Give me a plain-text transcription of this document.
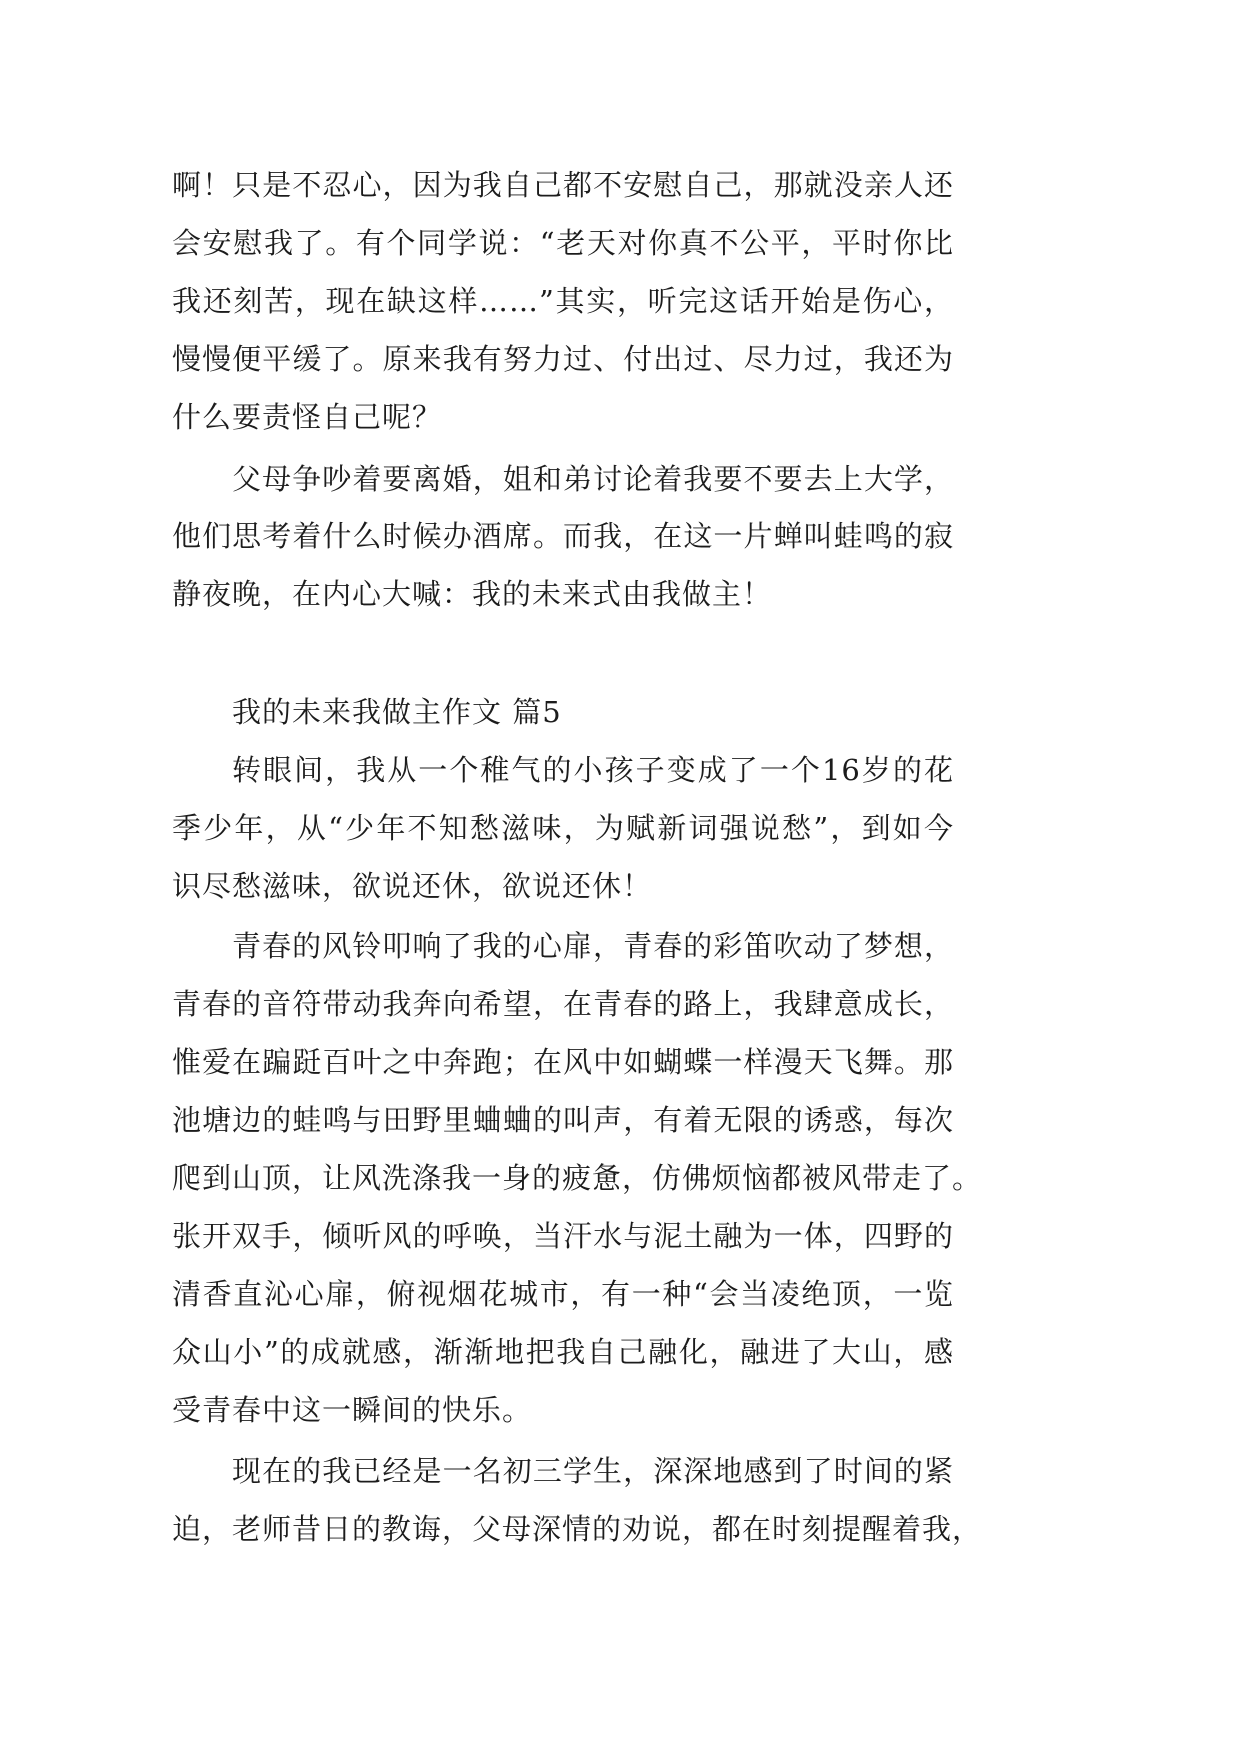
啊！只是不忍心，因为我自己都不安慰自己，那就没亲人还
会安慰我了。有个同学说：“老天对你真不公平，平时你比
我还刻苦，现在缺这样……”其实，听完这话开始是伤心，
慢慢便平缓了。原来我有努力过、付出过、尽力过，我还为
什么要责怪自己呢？
父母争吵着要离婚，姐和弟讨论着我要不要去上大学，
他们思考着什么时候办酒席。而我，在这一片蝉叫蛙鸣的寂
静夜晚，在内心大喊：我的未来式由我做主！
我的未来我做主作文 篇5
转眼间，我从一个稚气的小孩子变成了一个16岁的花
季少年，从“少年不知愁滋味，为赋新词强说愁”，到如今
识尽愁滋味，欲说还休，欲说还休！
青春的风铃叩响了我的心扉，青春的彩笛吹动了梦想，
青春的音符带动我奔向希望，在青春的路上，我肆意成长，
惟爱在蹁跹百叶之中奔跑；在风中如蝴蝶一样漫天飞舞。那
池塘边的蛙鸣与田野里蛐蛐的叫声，有着无限的诱惑，每次
爬到山顶，让风洗涤我一身的疲惫，仿佛烦恼都被风带走了。
张开双手，倾听风的呼唤，当汗水与泥土融为一体，四野的
清香直沁心扉，俯视烟花城市，有一种“会当凌绝顶，一览
众山小”的成就感，渐渐地把我自己融化，融进了大山，感
受青春中这一瞬间的快乐。
现在的我已经是一名初三学生，深深地感到了时间的紧
迫，老师昔日的教诲，父母深情的劝说，都在时刻提醒着我，
